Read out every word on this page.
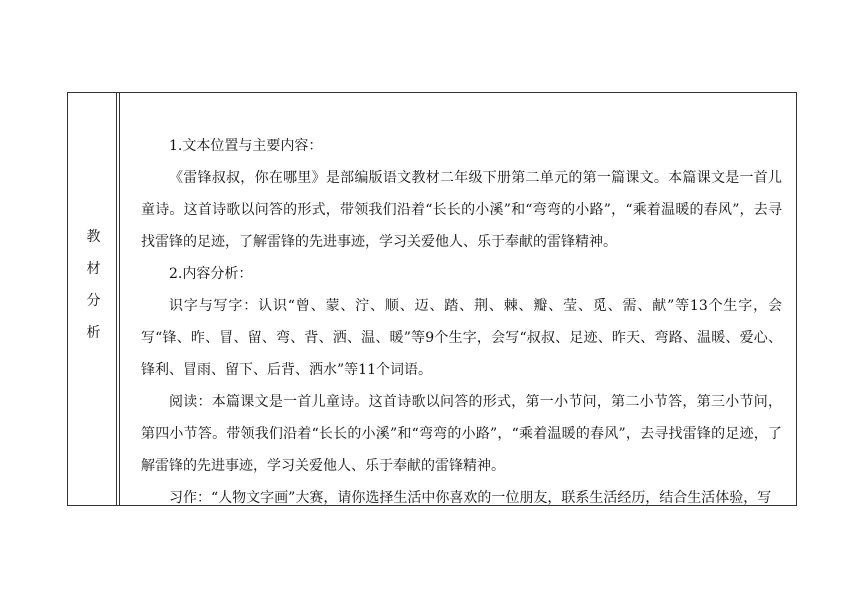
教
材
分
析

1.文本位置与主要内容：

《雷锋叔叔，你在哪里》是部编版语文教材二年级下册第二单元的第一篇课文。本篇课文是一首儿童诗。这首诗歌以问答的形式，带领我们沿着“长长的小溪”和“弯弯的小路”，“乘着温暖的春风”，去寻找雷锋的足迹，了解雷锋的先进事迹，学习关爱他人、乐于奉献的雷锋精神。

2.内容分析：

识字与写字：认识“曾、蒙、泞、顺、迈、踏、荆、棘、瓣、莹、觅、需、献”等13个生字，会写“锋、昨、冒、留、弯、背、洒、温、暖”等9个生字，会写“叔叔、足迹、昨天、弯路、温暖、爱心、锋利、冒雨、留下、后背、洒水”等11个词语。

阅读：本篇课文是一首儿童诗。这首诗歌以问答的形式，第一小节问，第二小节答，第三小节问，第四小节答。带领我们沿着“长长的小溪”和“弯弯的小路”，“乘着温暖的春风”，去寻找雷锋的足迹，了解雷锋的先进事迹，学习关爱他人、乐于奉献的雷锋精神。

习作：“人物文字画”大赛，请你选择生活中你喜欢的一位朋友，联系生活经历，结合生活体验，写
